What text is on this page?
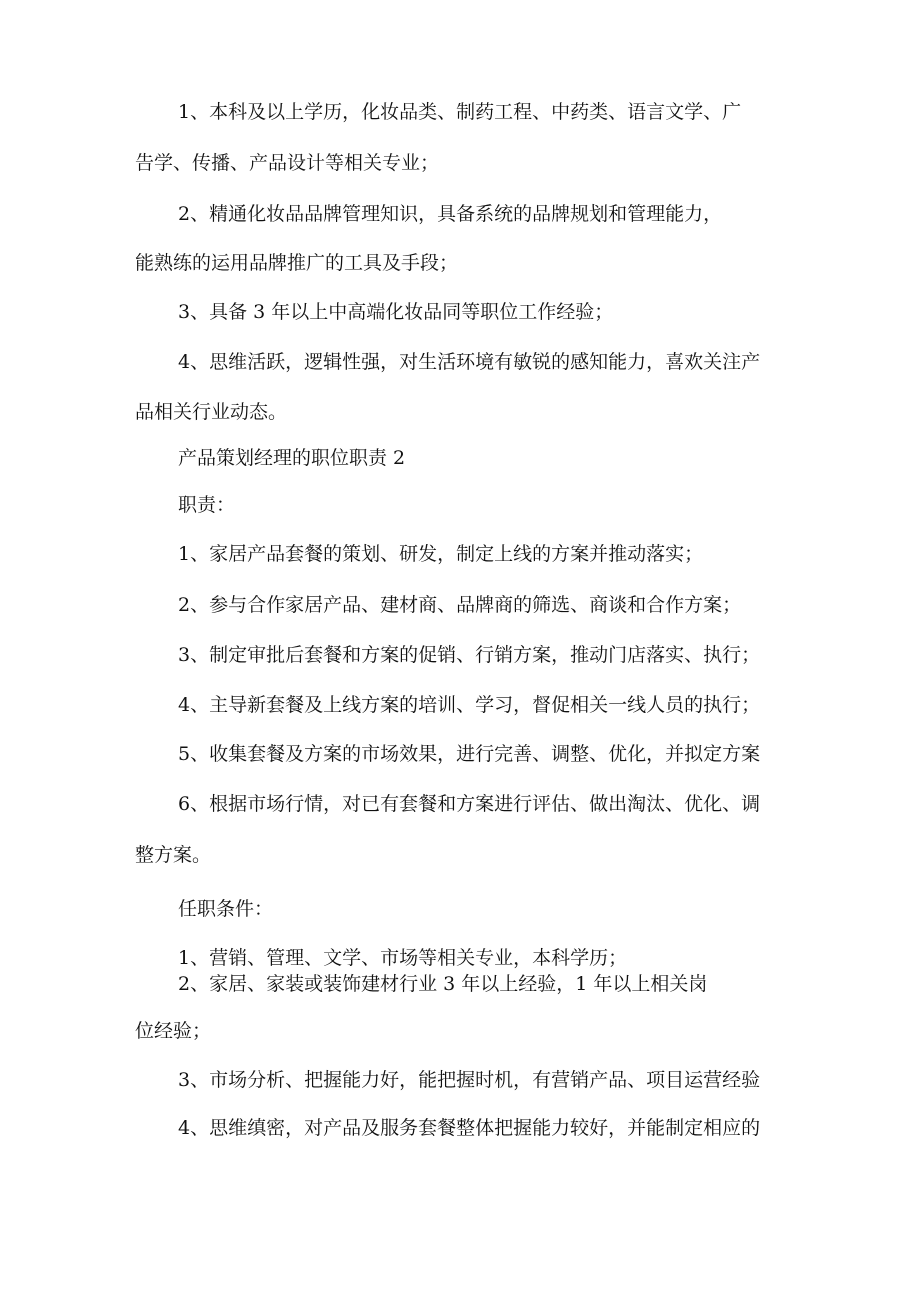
1、本科及以上学历，化妆品类、制药工程、中药类、语言文学、广

告学、传播、产品设计等相关专业；

2、精通化妆品品牌管理知识，具备系统的品牌规划和管理能力，

能熟练的运用品牌推广的工具及手段；

3、具备 3 年以上中高端化妆品同等职位工作经验；

4、思维活跃，逻辑性强，对生活环境有敏锐的感知能力，喜欢关注产

品相关行业动态。

产品策划经理的职位职责 2

职责：

1、家居产品套餐的策划、研发，制定上线的方案并推动落实；

2、参与合作家居产品、建材商、品牌商的筛选、商谈和合作方案；

3、制定审批后套餐和方案的促销、行销方案，推动门店落实、执行；

4、主导新套餐及上线方案的培训、学习，督促相关一线人员的执行；

5、收集套餐及方案的市场效果，进行完善、调整、优化，并拟定方案

6、根据市场行情，对已有套餐和方案进行评估、做出淘汰、优化、调

整方案。

任职条件：

1、营销、管理、文学、市场等相关专业，本科学历；

2、家居、家装或装饰建材行业 3 年以上经验，1 年以上相关岗

位经验；

3、市场分析、把握能力好，能把握时机，有营销产品、项目运营经验

4、思维缜密，对产品及服务套餐整体把握能力较好，并能制定相应的
